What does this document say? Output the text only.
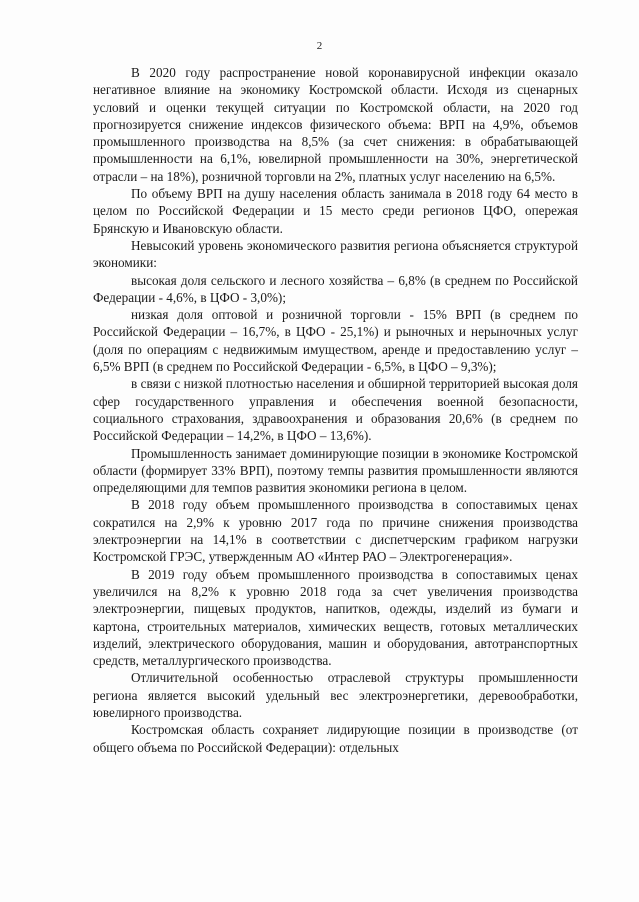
2

В 2020 году распространение новой коронавирусной инфекции оказало негативное влияние на экономику Костромской области. Исходя из сценарных условий и оценки текущей ситуации по Костромской области, на 2020 год прогнозируется снижение индексов физического объема: ВРП на 4,9%, объемов промышленного производства на 8,5% (за счет снижения: в обрабатывающей промышленности на 6,1%, ювелирной промышленности на 30%, энергетической отрасли – на 18%), розничной торговли на 2%, платных услуг населению на 6,5%.

По объему ВРП на душу населения область занимала в 2018 году 64 место в целом по Российской Федерации и 15 место среди регионов ЦФО, опережая Брянскую и Ивановскую области.

Невысокий уровень экономического развития региона объясняется структурой экономики:

высокая доля сельского и лесного хозяйства – 6,8% (в среднем по Российской Федерации - 4,6%, в ЦФО - 3,0%);

низкая доля оптовой и розничной торговли - 15% ВРП (в среднем по Российской Федерации – 16,7%, в ЦФО - 25,1%) и рыночных и нерыночных услуг (доля по операциям с недвижимым имуществом, аренде и предоставлению услуг – 6,5% ВРП (в среднем по Российской Федерации - 6,5%, в ЦФО – 9,3%);

в связи с низкой плотностью населения и обширной территорией высокая доля сфер государственного управления и обеспечения военной безопасности, социального страхования, здравоохранения и образования 20,6% (в среднем по Российской Федерации – 14,2%, в ЦФО – 13,6%).

Промышленность занимает доминирующие позиции в экономике Костромской области (формирует 33% ВРП), поэтому темпы развития промышленности являются определяющими для темпов развития экономики региона в целом.

В 2018 году объем промышленного производства в сопоставимых ценах сократился на 2,9% к уровню 2017 года по причине снижения производства электроэнергии на 14,1% в соответствии с диспетчерским графиком нагрузки Костромской ГРЭС, утвержденным АО «Интер РАО – Электрогенерация».

В 2019 году объем промышленного производства в сопоставимых ценах увеличился на 8,2% к уровню 2018 года за счет увеличения производства электроэнергии, пищевых продуктов, напитков, одежды, изделий из бумаги и картона, строительных материалов, химических веществ, готовых металлических изделий, электрического оборудования, машин и оборудования, автотранспортных средств, металлургического производства.

Отличительной особенностью отраслевой структуры промышленности региона является высокий удельный вес электроэнергетики, деревообработки, ювелирного производства.

Костромская область сохраняет лидирующие позиции в производстве (от общего объема по Российской Федерации): отдельных
